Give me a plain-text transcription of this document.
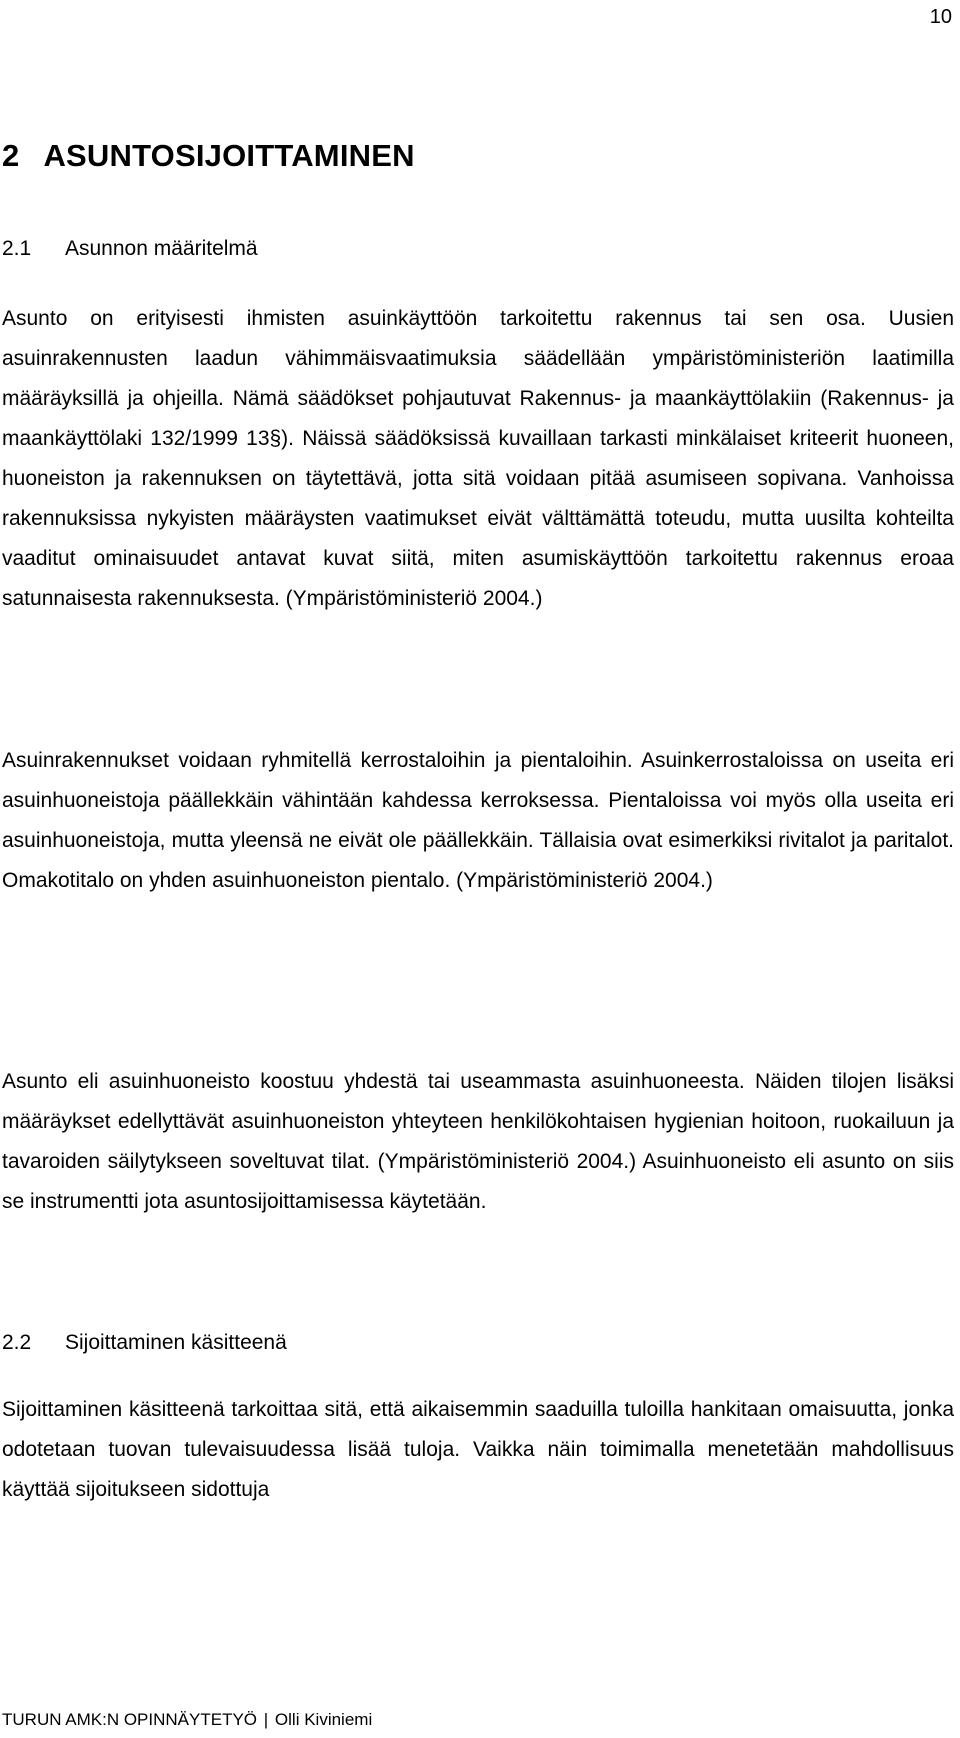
10
2 ASUNTOSIJOITTAMINEN
2.1 Asunnon määritelmä

Asunto on erityisesti ihmisten asuinkäyttöön tarkoitettu rakennus tai sen osa. Uusien asuinrakennusten laadun vähimmäisvaatimuksia säädellään ympäristöministeriön laatimilla määräyksillä ja ohjeilla. Nämä säädökset pohjautuvat Rakennus- ja maankäyttölakiin (Rakennus- ja maankäyttölaki 132/1999 13§). Näissä säädöksissä kuvaillaan tarkasti minkälaiset kriteerit huoneen, huoneiston ja rakennuksen on täytettävä, jotta sitä voidaan pitää asumiseen sopivana. Vanhoissa rakennuksissa nykyisten määräysten vaatimukset eivät välttämättä toteudu, mutta uusilta kohteilta vaaditut ominaisuudet antavat kuvat siitä, miten asumiskäyttöön tarkoitettu rakennus eroaa satunnaisesta rakennuksesta. (Ympäristöministeriö 2004.)

Asuinrakennukset voidaan ryhmitellä kerrostaloihin ja pientaloihin. Asuinkerrostaloissa on useita eri asuinhuoneistoja päällekkäin vähintään kahdessa kerroksessa. Pientaloissa voi myös olla useita eri asuinhuoneistoja, mutta yleensä ne eivät ole päällekkäin. Tällaisia ovat esimerkiksi rivitalot ja paritalot. Omakotitalo on yhden asuinhuoneiston pientalo. (Ympäristöministeriö 2004.)

Asunto eli asuinhuoneisto koostuu yhdestä tai useammasta asuinhuoneesta. Näiden tilojen lisäksi määräykset edellyttävät asuinhuoneiston yhteyteen henkilökohtaisen hygienian hoitoon, ruokailuun ja tavaroiden säilytykseen soveltuvat tilat. (Ympäristöministeriö 2004.) Asuinhuoneisto eli asunto on siis se instrumentti jota asuntosijoittamisessa käytetään.

2.2 Sijoittaminen käsitteenä

Sijoittaminen käsitteenä tarkoittaa sitä, että aikaisemmin saaduilla tuloilla hankitaan omaisuutta, jonka odotetaan tuovan tulevaisuudessa lisää tuloja. Vaikka näin toimimalla menetetään mahdollisuus käyttää sijoitukseen sidottuja

TURUN AMK:N OPINNÄYTETYÖ | Olli Kiviniemi
